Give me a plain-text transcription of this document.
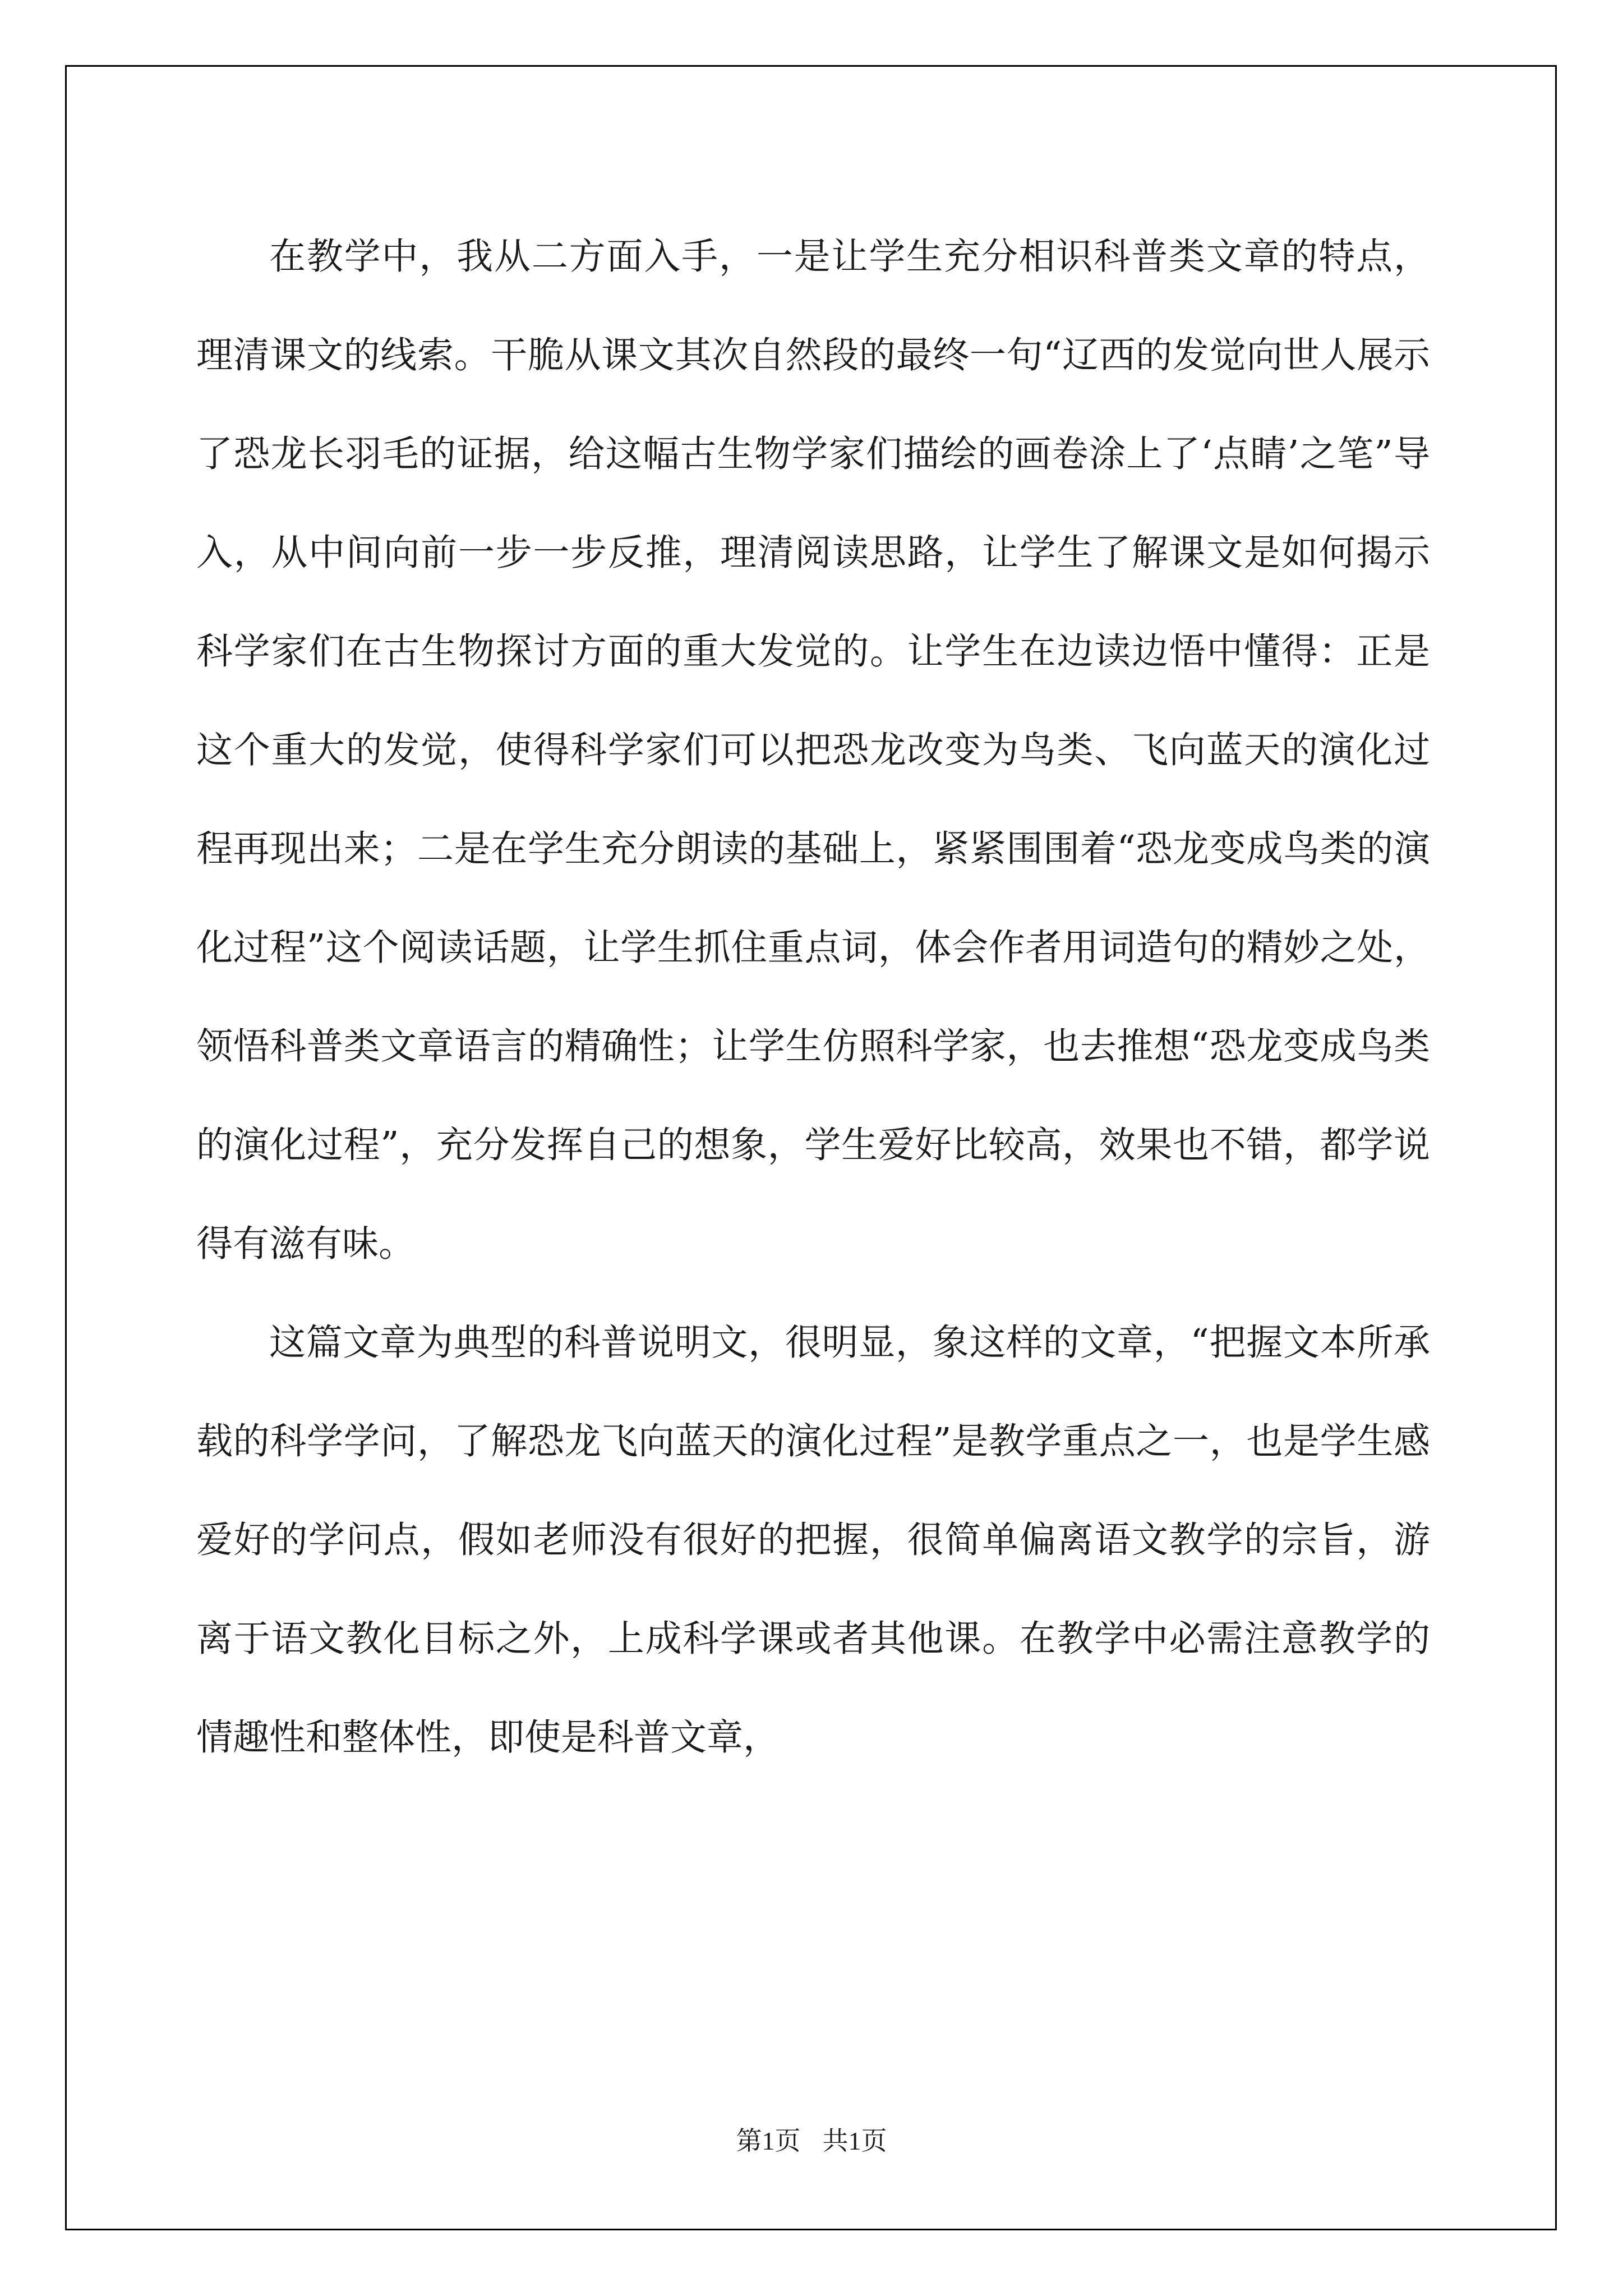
在教学中，我从二方面入手，一是让学生充分相识科普类文章的特点，理清课文的线索。干脆从课文其次自然段的最终一句“辽西的发觉向世人展示了恐龙长羽毛的证据，给这幅古生物学家们描绘的画卷涂上了‘点睛’之笔”导入，从中间向前一步一步反推，理清阅读思路，让学生了解课文是如何揭示科学家们在古生物探讨方面的重大发觉的。让学生在边读边悟中懂得：正是这个重大的发觉，使得科学家们可以把恐龙改变为鸟类、飞向蓝天的演化过程再现出来；二是在学生充分朗读的基础上，紧紧围围着“恐龙变成鸟类的演化过程”这个阅读话题，让学生抓住重点词，体会作者用词造句的精妙之处，领悟科普类文章语言的精确性；让学生仿照科学家，也去推想“恐龙变成鸟类的演化过程”，充分发挥自己的想象，学生爱好比较高，效果也不错，都学说得有滋有味。

这篇文章为典型的科普说明文，很明显，象这样的文章，“把握文本所承载的科学学问，了解恐龙飞向蓝天的演化过程”是教学重点之一，也是学生感爱好的学问点，假如老师没有很好的把握，很简单偏离语文教学的宗旨，游离于语文教化目标之外，上成科学课或者其他课。在教学中必需注意教学的情趣性和整体性，即使是科普文章，

第1页 共1页
